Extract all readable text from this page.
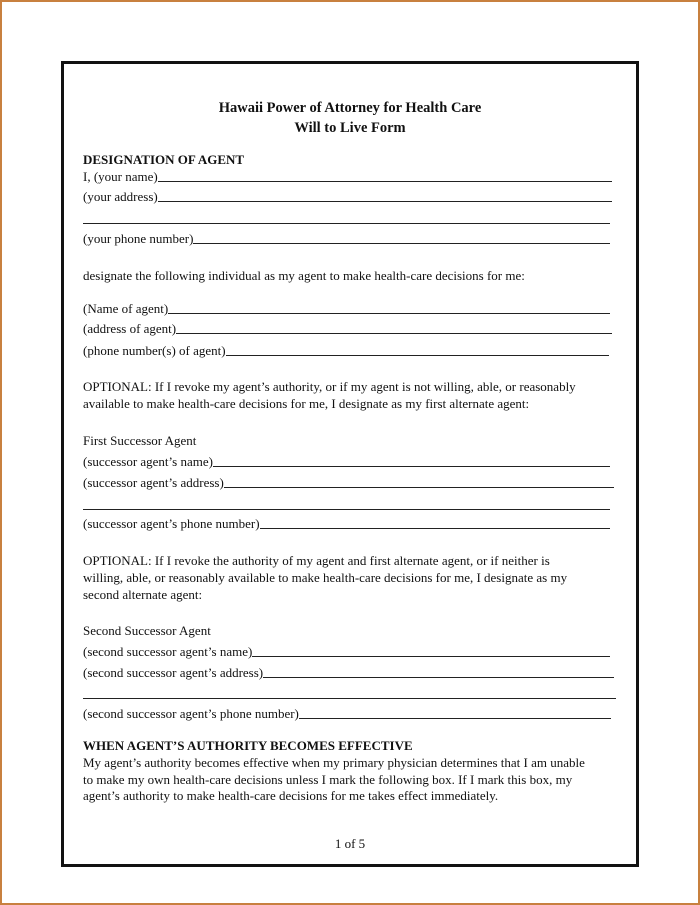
Hawaii Power of Attorney for Health Care
Will to Live Form
DESIGNATION OF AGENT
I, (your name)
(your address)
(your phone number)
designate the following individual as my agent to make health-care decisions for me:
(Name of agent)
(address of agent)
(phone number(s) of agent)
OPTIONAL: If I revoke my agent’s authority, or if my agent is not willing, able, or reasonably
available to make health-care decisions for me, I designate as my first alternate agent:
First Successor Agent
(successor agent’s name)
(successor agent’s address)
(successor agent’s phone number)
OPTIONAL: If I revoke the authority of my agent and first alternate agent, or if neither is
willing, able, or reasonably available to make health-care decisions for me, I designate as my
second alternate agent:
Second Successor Agent
(second successor agent’s name)
(second successor agent’s address)
(second successor agent’s phone number)
WHEN AGENT’S AUTHORITY BECOMES EFFECTIVE
My agent’s authority becomes effective when my primary physician determines that I am unable
to make my own health-care decisions unless I mark the following box. If I mark this box, my
agent’s authority to make health-care decisions for me takes effect immediately.
1 of 5
